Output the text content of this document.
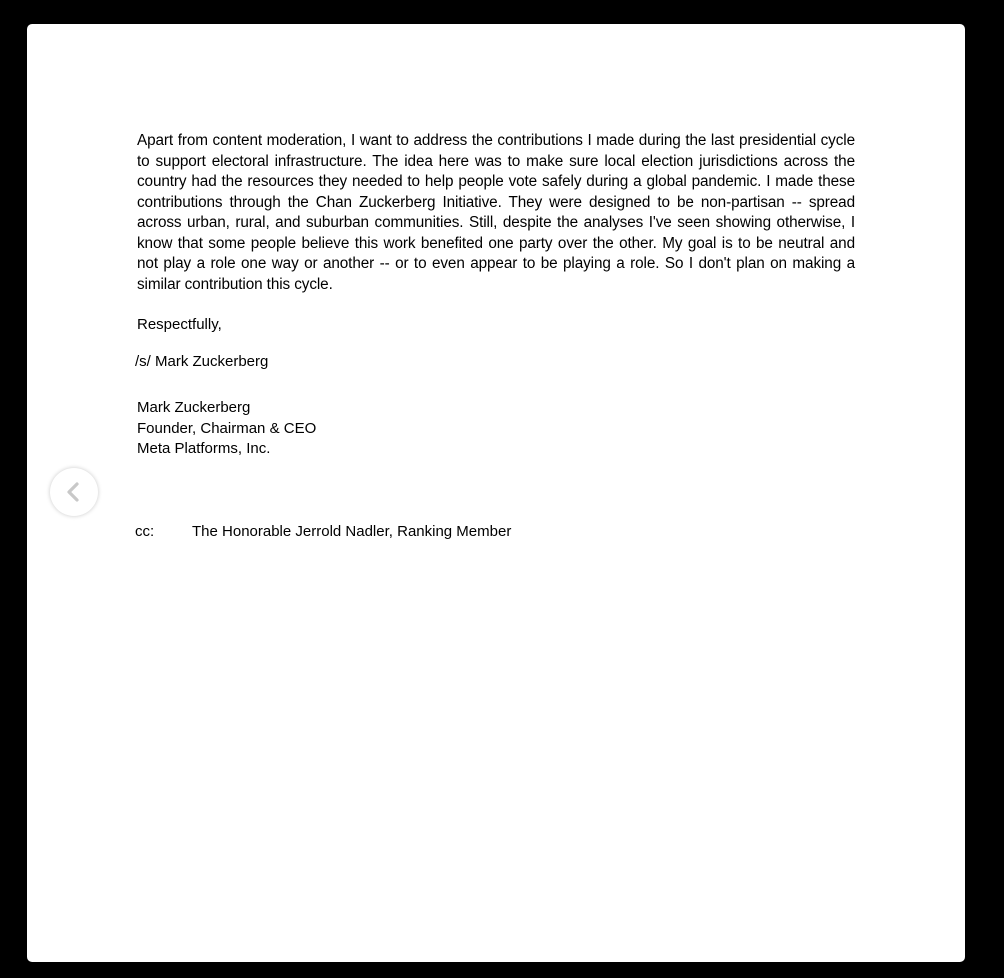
Apart from content moderation, I want to address the contributions I made during the last presidential cycle to support electoral infrastructure. The idea here was to make sure local election jurisdictions across the country had the resources they needed to help people vote safely during a global pandemic. I made these contributions through the Chan Zuckerberg Initiative. They were designed to be non-partisan -- spread across urban, rural, and suburban communities. Still, despite the analyses I've seen showing otherwise, I know that some people believe this work benefited one party over the other. My goal is to be neutral and not play a role one way or another -- or to even appear to be playing a role. So I don't plan on making a similar contribution this cycle.

Respectfully,

/s/ Mark Zuckerberg

Mark Zuckerberg
Founder, Chairman & CEO
Meta Platforms, Inc.
cc:	The Honorable Jerrold Nadler, Ranking Member
